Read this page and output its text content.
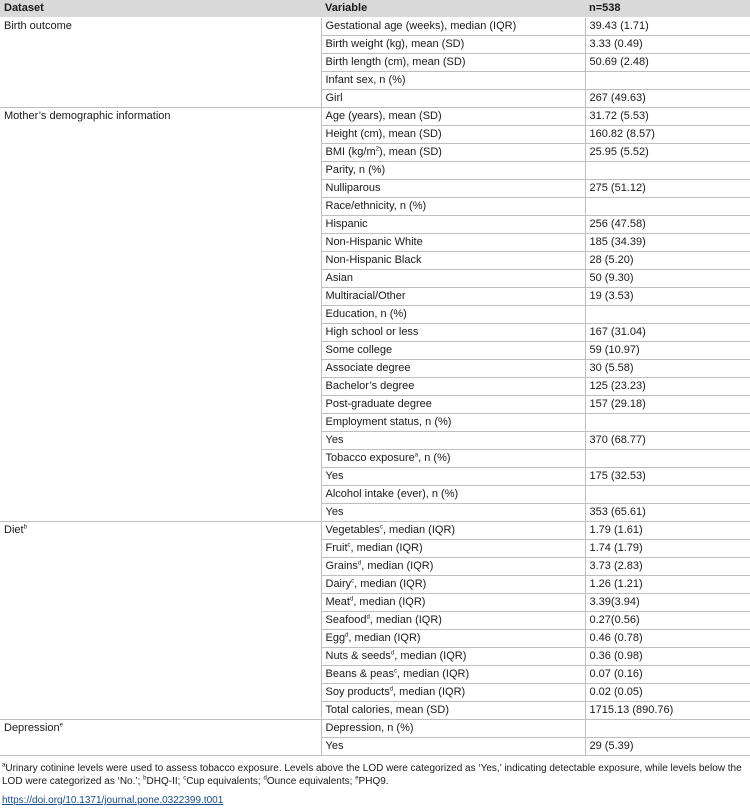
Dataset	Variable	n=538
Birth outcome	Gestational age (weeks), median (IQR)	39.43 (1.71)
	Birth weight (kg), mean (SD)	3.33 (0.49)
	Birth length (cm), mean (SD)	50.69 (2.48)
	Infant sex, n (%)	
	Girl	267 (49.63)
Mother’s demographic information	Age (years), mean (SD)	31.72 (5.53)
	Height (cm), mean (SD)	160.82 (8.57)
	BMI $(kg/m^2)$, mean (SD)	25.95 (5.52)
	Parity, n (%)	
	Nulliparous	275 (51.12)
	Race/ethnicity, n (%)	
	Hispanic	256 (47.58)
	Non-Hispanic White	185 (34.39)
	Non-Hispanic Black	28 (5.20)
	Asian	50 (9.30)
	Multiracial/Other	19 (3.53)
	Education, n (%)	
	High school or less	167 (31.04)
	Some college	59 (10.97)
	Associate degree	30 (5.58)
	Bachelor’s degree	125 (23.23)
	Post-graduate degree	157 (29.18)
	Employment status, n (%)	
	Yes	370 (68.77)
	Tobacco exposure$^a$, n (%)	
	Yes	175 (32.53)
	Alcohol intake (ever), n (%)	
	Yes	353 (65.61)
Diet$^b$	Vegetables$^c$, median (IQR)	1.79 (1.61)
	Fruit$^c$, median (IQR)	1.74 (1.79)
	Grains$^d$, median (IQR)	3.73 (2.83)
	Dairy$^c$, median (IQR)	1.26 (1.21)
	Meat$^d$, median (IQR)	3.39(3.94)
	Seafood$^d$, median (IQR)	0.27(0.56)
	Egg$^d$, median (IQR)	0.46 (0.78)
	Nuts & seeds$^d$, median (IQR)	0.36 (0.98)
	Beans & peas$^c$, median (IQR)	0.07 (0.16)
	Soy products$^d$, median (IQR)	0.02 (0.05)
	Total calories, mean (SD)	1715.13 (890.76)
Depression$^e$	Depression, n (%)	
	Yes	29 (5.39)
$^a$Urinary cotinine levels were used to assess tobacco exposure. Levels above the LOD were categorized as ‘Yes,’ indicating detectable exposure, while levels below the LOD were categorized as ‘No.’; $^b$DHQ-II; $^c$Cup equivalents; $^d$Ounce equivalents; $^e$PHQ9.
https://doi.org/10.1371/journal.pone.0322399.t001
